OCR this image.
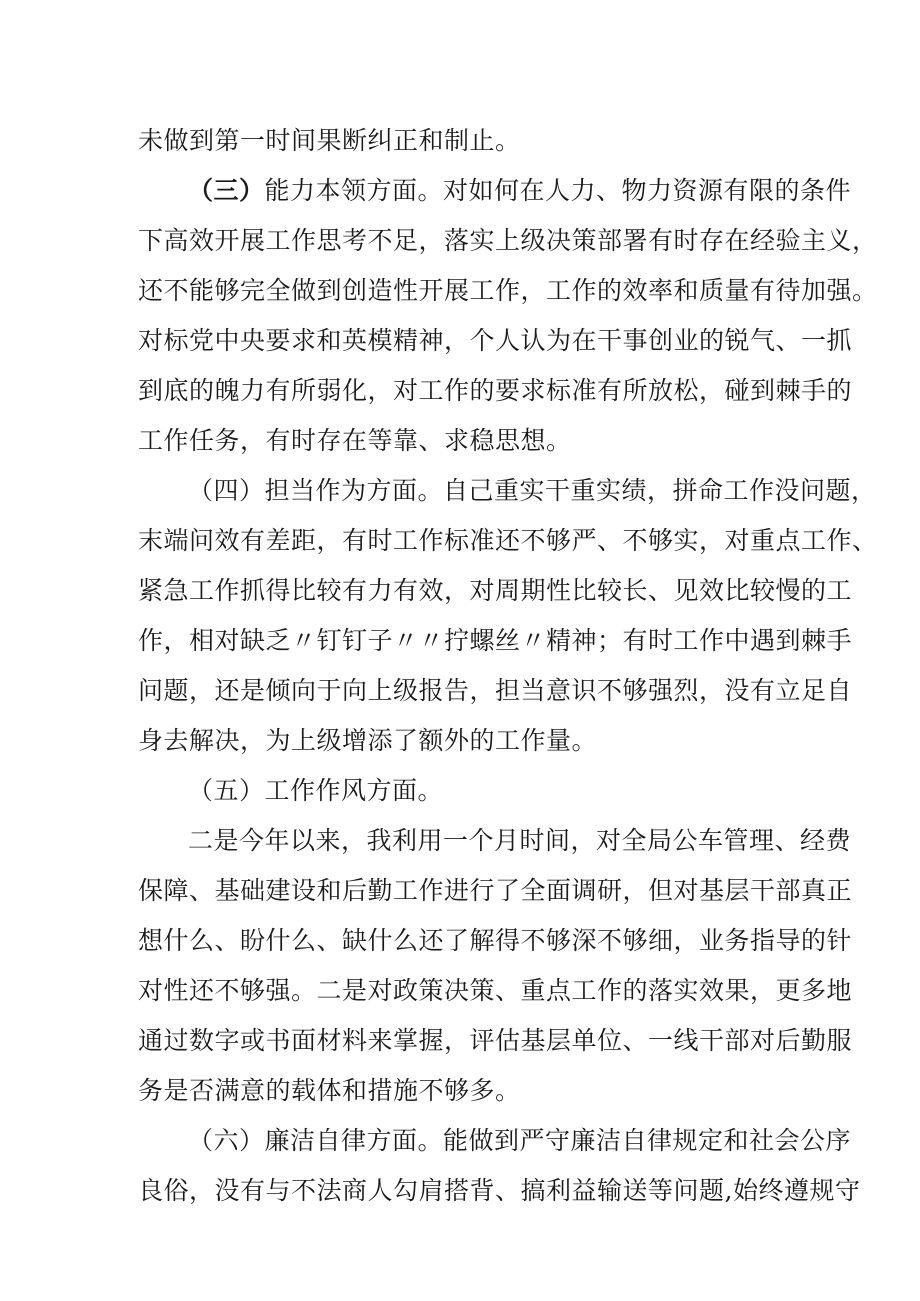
未做到第一时间果断纠正和制止。
（三）能力本领方面。对如何在人力、物力资源有限的条件
下高效开展工作思考不足，落实上级决策部署有时存在经验主义，
还不能够完全做到创造性开展工作，工作的效率和质量有待加强。
对标党中央要求和英模精神，个人认为在干事创业的锐气、一抓
到底的魄力有所弱化，对工作的要求标准有所放松，碰到棘手的
工作任务，有时存在等靠、求稳思想。
（四）担当作为方面。自己重实干重实绩，拼命工作没问题，
末端问效有差距，有时工作标准还不够严、不够实，对重点工作、
紧急工作抓得比较有力有效，对周期性比较长、见效比较慢的工
作，相对缺乏〃钉钉子〃〃拧螺丝〃精神；有时工作中遇到棘手
问题，还是倾向于向上级报告，担当意识不够强烈，没有立足自
身去解决，为上级增添了额外的工作量。
（五）工作作风方面。
二是今年以来，我利用一个月时间，对全局公车管理、经费
保障、基础建设和后勤工作进行了全面调研，但对基层干部真正
想什么、盼什么、缺什么还了解得不够深不够细，业务指导的针
对性还不够强。二是对政策决策、重点工作的落实效果，更多地
通过数字或书面材料来掌握，评估基层单位、一线干部对后勤服
务是否满意的载体和措施不够多。
（六）廉洁自律方面。能做到严守廉洁自律规定和社会公序
良俗，没有与不法商人勾肩搭背、搞利益输送等问题,始终遵规守
